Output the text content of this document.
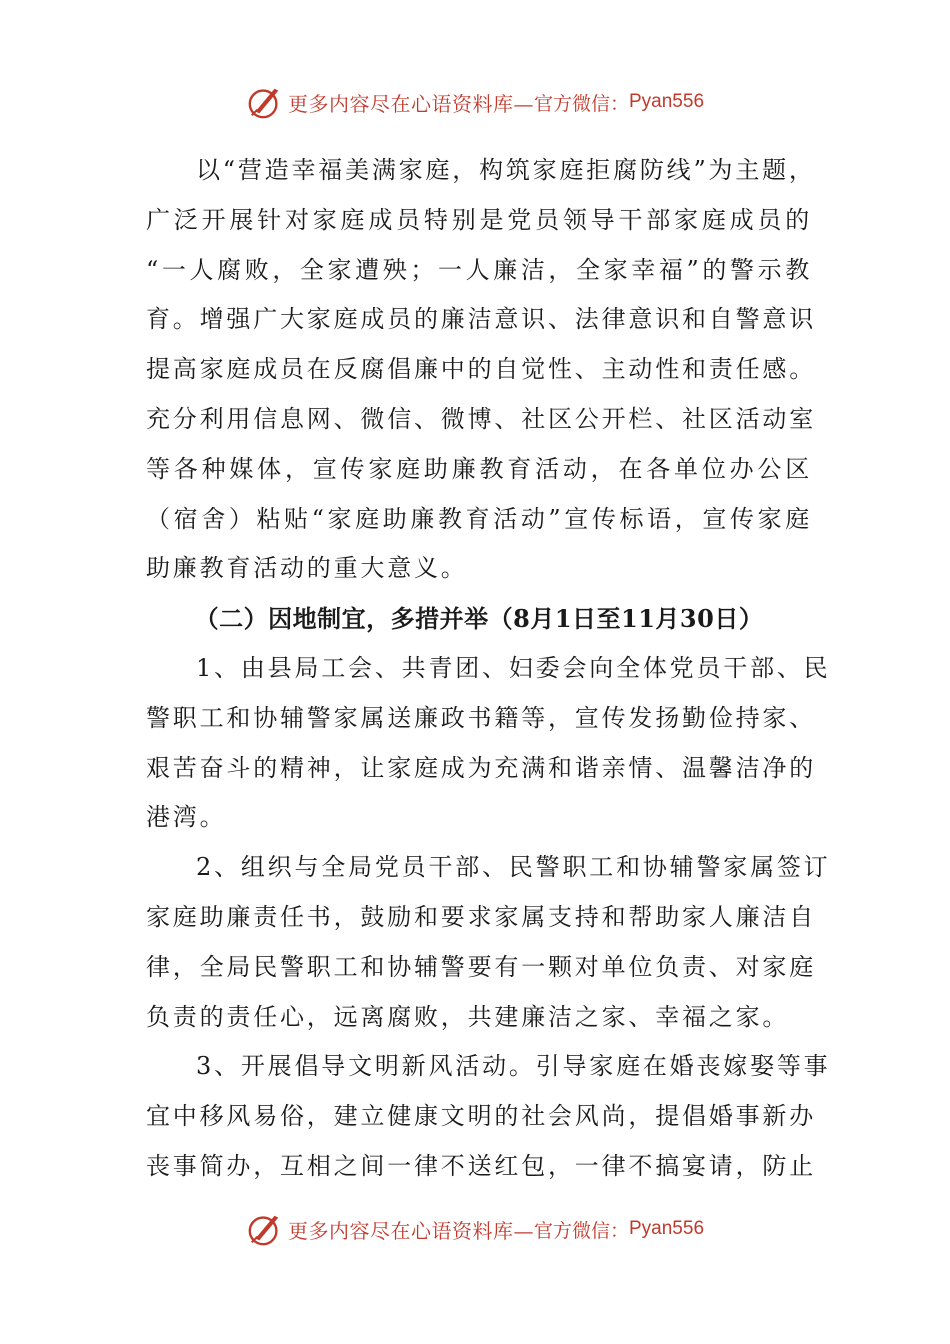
更多内容尽在心语资料库— 官方微信： Pyan556
以“营造幸福美满家庭，构筑家庭拒腐防线”为主题，
广泛开展针对家庭成员特别是党员领导干部家庭成员的
“一人腐败，全家遭殃；一人廉洁，全家幸福”的警示教
育。增强广大家庭成员的廉洁意识、法律意识和自警意识
提高家庭成员在反腐倡廉中的自觉性、主动性和责任感。
充分利用信息网、微信、微博、社区公开栏、社区活动室
等各种媒体，宣传家庭助廉教育活动，在各单位办公区
（宿舍）粘贴“家庭助廉教育活动”宣传标语，宣传家庭
助廉教育活动的重大意义。
（二）因地制宜，多措并举（8月1日至11月30日）
1、由县局工会、共青团、妇委会向全体党员干部、民
警职工和协辅警家属送廉政书籍等，宣传发扬勤俭持家、
艰苦奋斗的精神，让家庭成为充满和谐亲情、温馨洁净的
港湾。
2、组织与全局党员干部、民警职工和协辅警家属签订
家庭助廉责任书，鼓励和要求家属支持和帮助家人廉洁自
律，全局民警职工和协辅警要有一颗对单位负责、对家庭
负责的责任心，远离腐败，共建廉洁之家、幸福之家。
3、开展倡导文明新风活动。引导家庭在婚丧嫁娶等事
宜中移风易俗，建立健康文明的社会风尚，提倡婚事新办
丧事简办，互相之间一律不送红包，一律不搞宴请，防止
更多内容尽在心语资料库— 官方微信： Pyan556
